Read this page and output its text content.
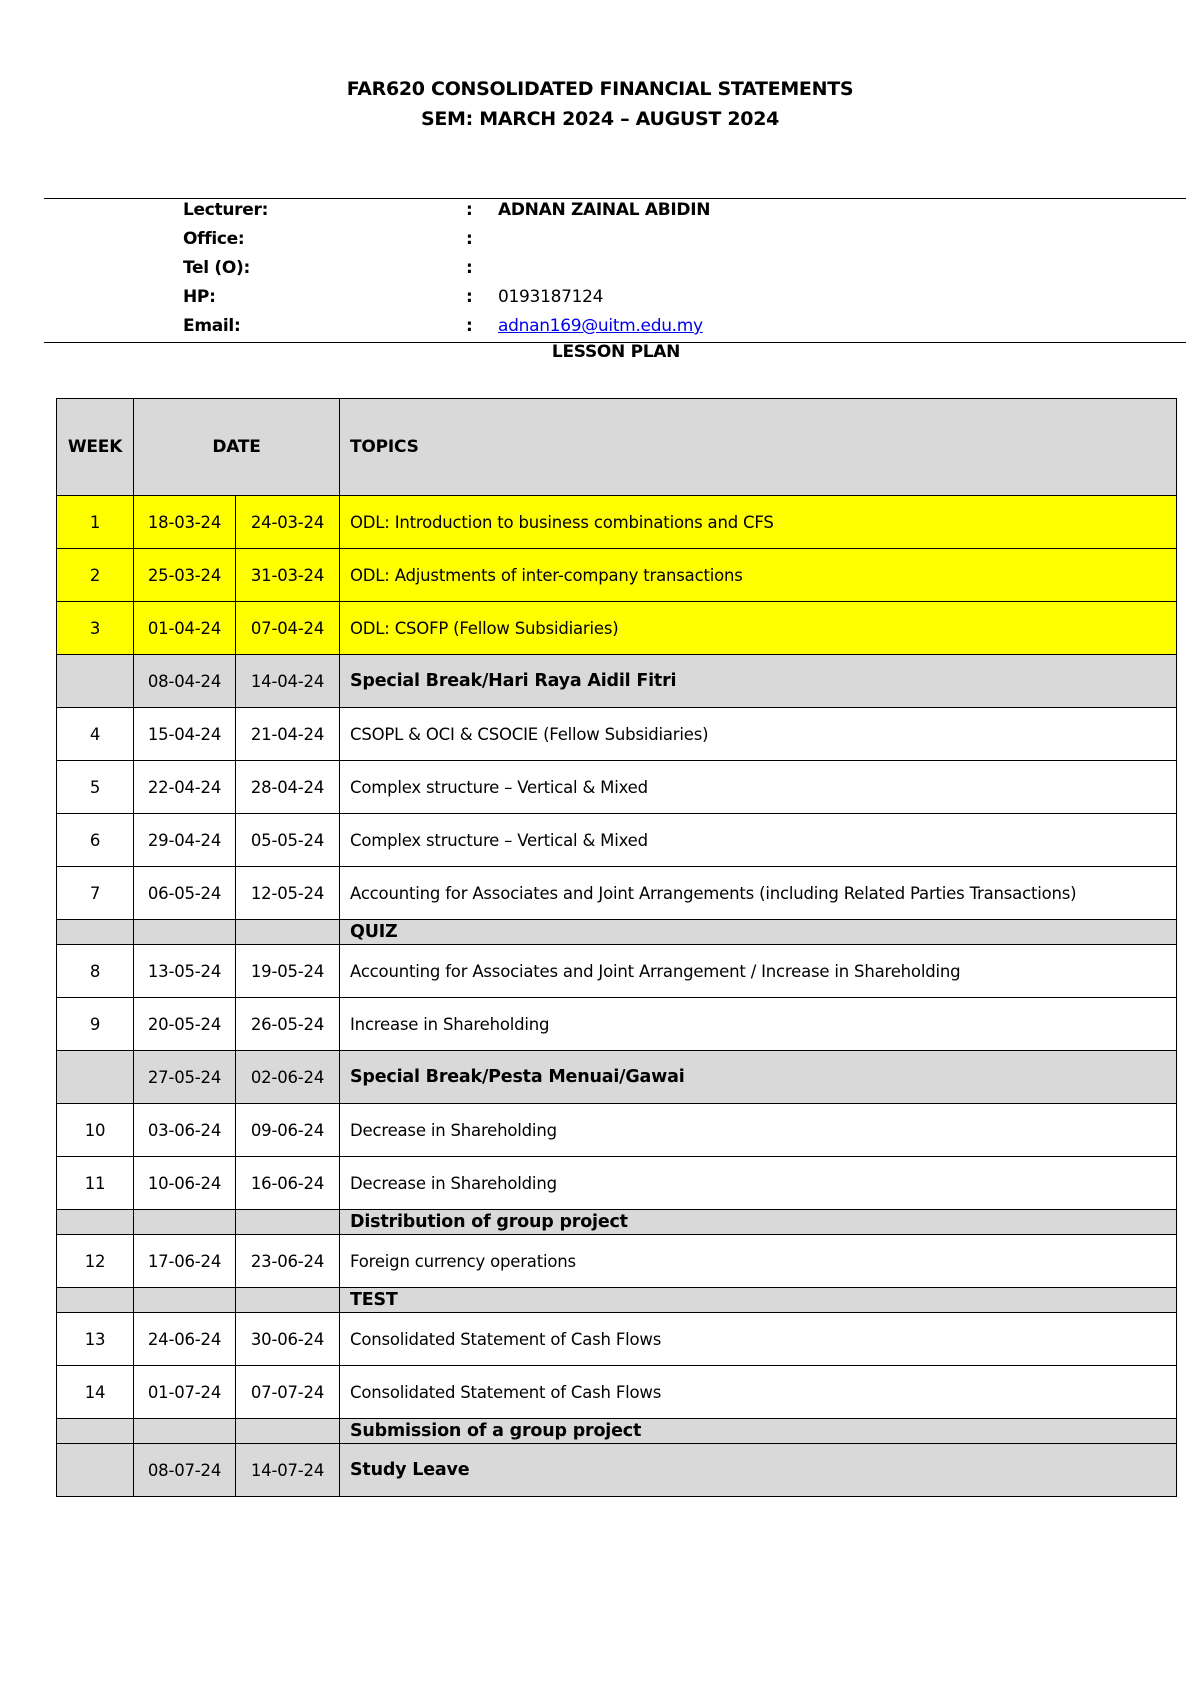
FAR620 CONSOLIDATED FINANCIAL STATEMENTS
SEM: MARCH 2024 – AUGUST 2024
Lecturer:	: ADNAN ZAINAL ABIDIN
Office:	:
Tel (O):	:
HP:	: 0193187124
Email:	: adnan169@uitm.edu.my
LESSON PLAN
WEEK	DATE		TOPICS
1	18-03-24	24-03-24	ODL: Introduction to business combinations and CFS
2	25-03-24	31-03-24	ODL: Adjustments of inter-company transactions
3	01-04-24	07-04-24	ODL: CSOFP (Fellow Subsidiaries)
	08-04-24	14-04-24	Special Break/Hari Raya Aidil Fitri
4	15-04-24	21-04-24	CSOPL & OCI & CSOCIE (Fellow Subsidiaries)
5	22-04-24	28-04-24	Complex structure – Vertical & Mixed
6	29-04-24	05-05-24	Complex structure – Vertical & Mixed
7	06-05-24	12-05-24	Accounting for Associates and Joint Arrangements (including Related Parties Transactions)
			QUIZ
8	13-05-24	19-05-24	Accounting for Associates and Joint Arrangement / Increase in Shareholding
9	20-05-24	26-05-24	Increase in Shareholding
	27-05-24	02-06-24	Special Break/Pesta Menuai/Gawai
10	03-06-24	09-06-24	Decrease in Shareholding
11	10-06-24	16-06-24	Decrease in Shareholding
			Distribution of group project
12	17-06-24	23-06-24	Foreign currency operations
			TEST
13	24-06-24	30-06-24	Consolidated Statement of Cash Flows
14	01-07-24	07-07-24	Consolidated Statement of Cash Flows
			Submission of a group project
	08-07-24	14-07-24	Study Leave
